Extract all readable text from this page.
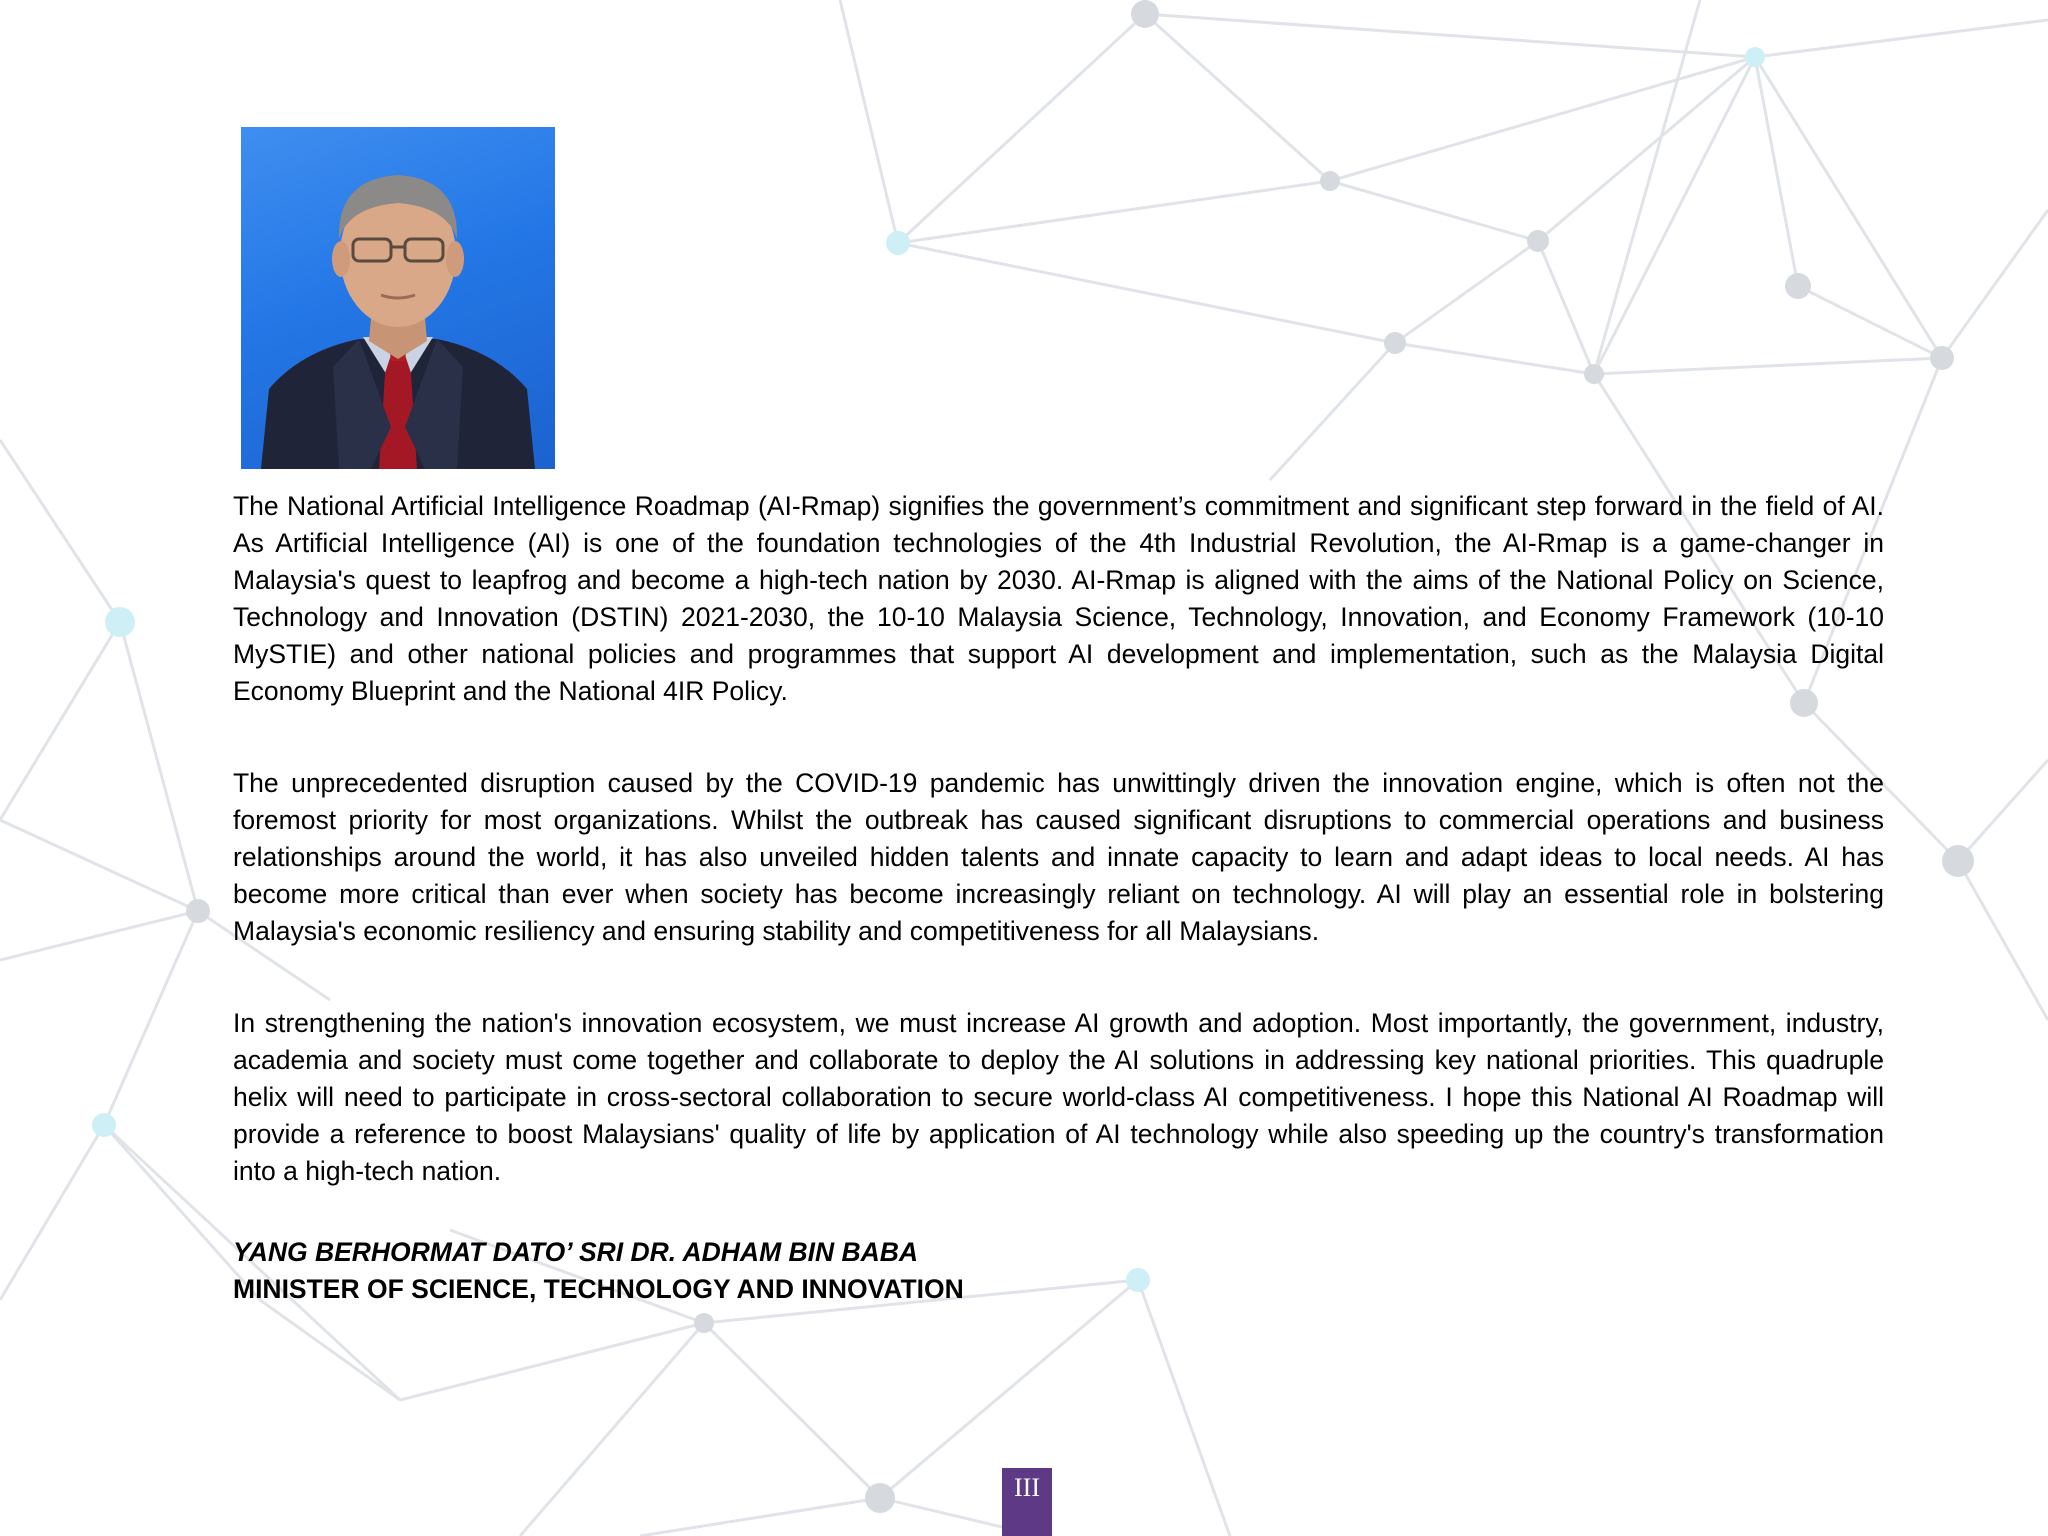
The National Artificial Intelligence Roadmap (AI-Rmap) signifies the government’s commitment and significant step forward in the field of AI. As Artificial Intelligence (AI) is one of the foundation technologies of the 4th Industrial Revolution, the AI-Rmap is a game-changer in Malaysia's quest to leapfrog and become a high-tech nation by 2030. AI-Rmap is aligned with the aims of the National Policy on Science, Technology and Innovation (DSTIN) 2021-2030, the 10-10 Malaysia Science, Technology, Innovation, and Economy Framework (10-10 MySTIE) and other national policies and programmes that support AI development and implementation, such as the Malaysia Digital Economy Blueprint and the National 4IR Policy.

The unprecedented disruption caused by the COVID-19 pandemic has unwittingly driven the innovation engine, which is often not the foremost priority for most organizations. Whilst the outbreak has caused significant disruptions to commercial operations and business relationships around the world, it has also unveiled hidden talents and innate capacity to learn and adapt ideas to local needs. AI has become more critical than ever when society has become increasingly reliant on technology. AI will play an essential role in bolstering Malaysia's economic resiliency and ensuring stability and competitiveness for all Malaysians.

In strengthening the nation's innovation ecosystem, we must increase AI growth and adoption. Most importantly, the government, industry, academia and society must come together and collaborate to deploy the AI solutions in addressing key national priorities. This quadruple helix will need to participate in cross-sectoral collaboration to secure world-class AI competitiveness. I hope this National AI Roadmap will provide a reference to boost Malaysians' quality of life by application of AI technology while also speeding up the country's transformation into a high-tech nation.

YANG BERHORMAT DATO’ SRI DR. ADHAM BIN BABA
MINISTER OF SCIENCE, TECHNOLOGY AND INNOVATION
III
